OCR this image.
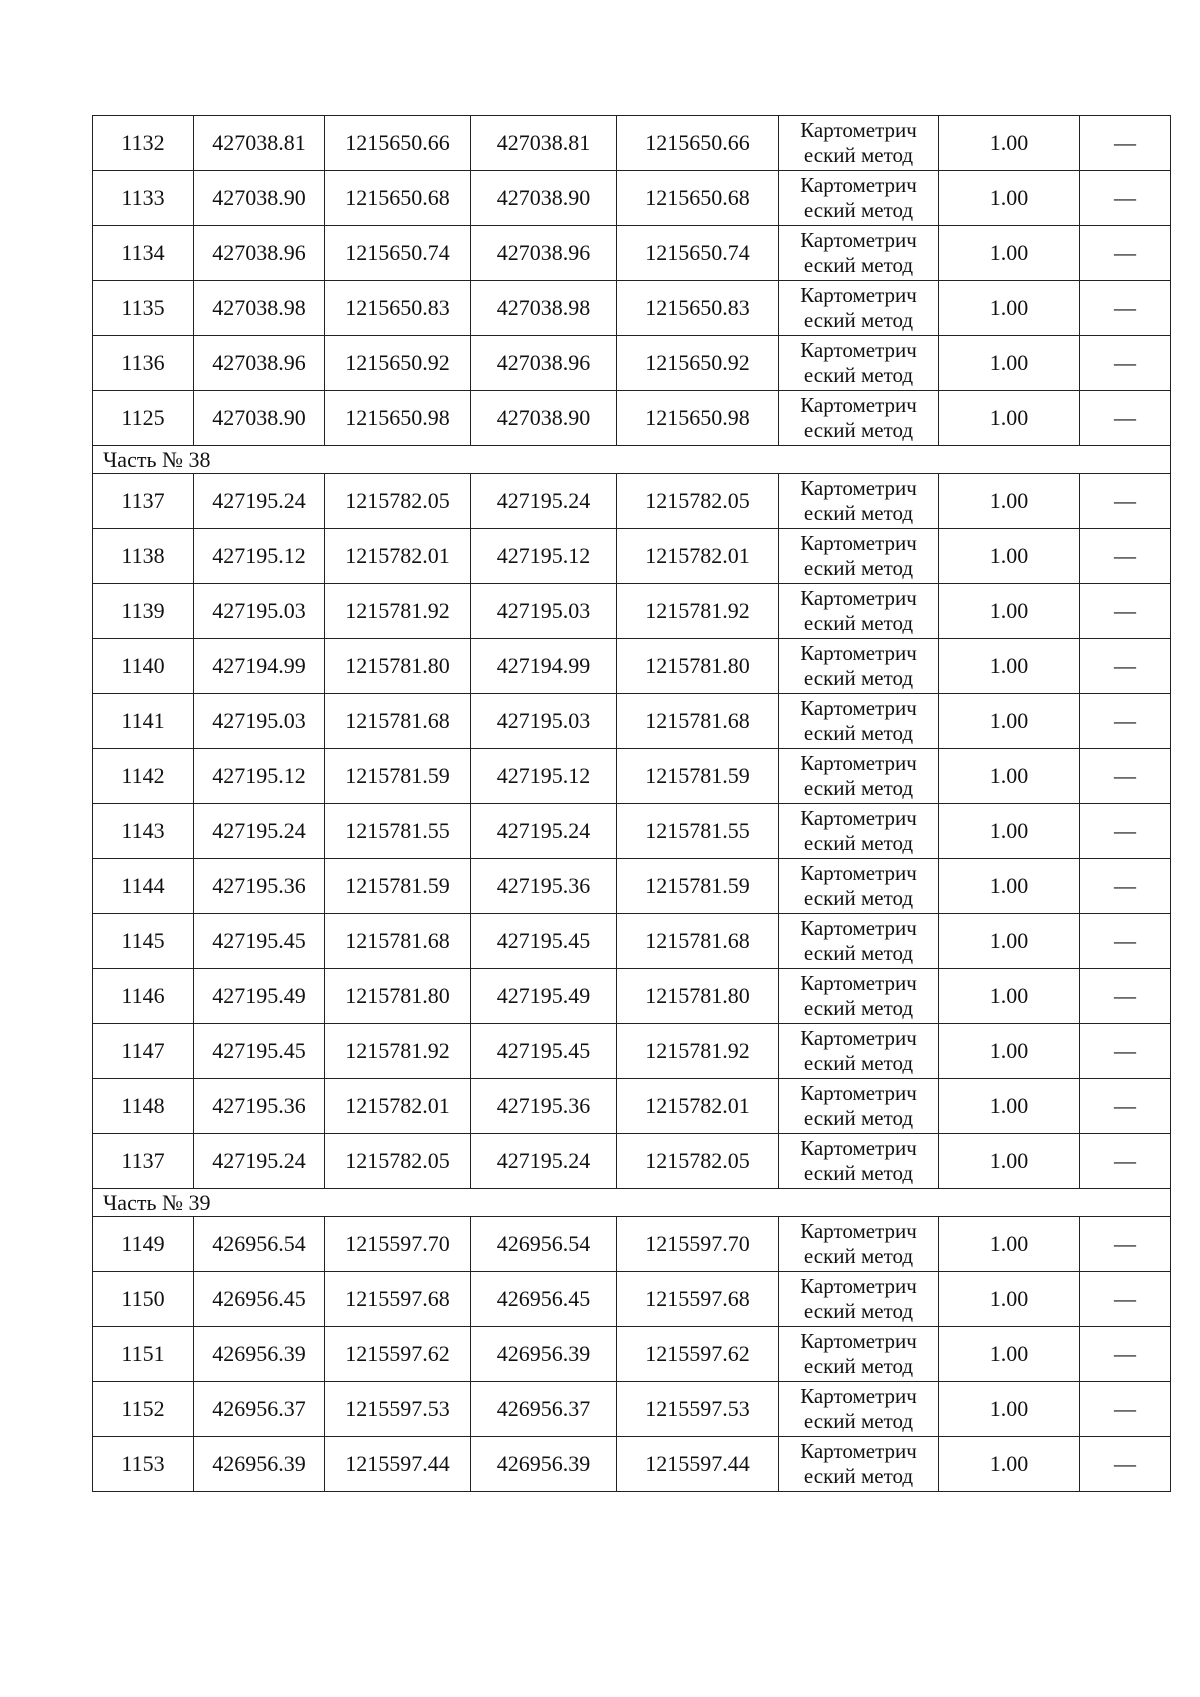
1132	427038.81	1215650.66	427038.81	1215650.66	Картометрич
еский метод	1.00	—
1133	427038.90	1215650.68	427038.90	1215650.68	Картометрич
еский метод	1.00	—
1134	427038.96	1215650.74	427038.96	1215650.74	Картометрич
еский метод	1.00	—
1135	427038.98	1215650.83	427038.98	1215650.83	Картометрич
еский метод	1.00	—
1136	427038.96	1215650.92	427038.96	1215650.92	Картометрич
еский метод	1.00	—
1125	427038.90	1215650.98	427038.90	1215650.98	Картометрич
еский метод	1.00	—
Часть № 38							
1137	427195.24	1215782.05	427195.24	1215782.05	Картометрич
еский метод	1.00	—
1138	427195.12	1215782.01	427195.12	1215782.01	Картометрич
еский метод	1.00	—
1139	427195.03	1215781.92	427195.03	1215781.92	Картометрич
еский метод	1.00	—
1140	427194.99	1215781.80	427194.99	1215781.80	Картометрич
еский метод	1.00	—
1141	427195.03	1215781.68	427195.03	1215781.68	Картометрич
еский метод	1.00	—
1142	427195.12	1215781.59	427195.12	1215781.59	Картометрич
еский метод	1.00	—
1143	427195.24	1215781.55	427195.24	1215781.55	Картометрич
еский метод	1.00	—
1144	427195.36	1215781.59	427195.36	1215781.59	Картометрич
еский метод	1.00	—
1145	427195.45	1215781.68	427195.45	1215781.68	Картометрич
еский метод	1.00	—
1146	427195.49	1215781.80	427195.49	1215781.80	Картометрич
еский метод	1.00	—
1147	427195.45	1215781.92	427195.45	1215781.92	Картометрич
еский метод	1.00	—
1148	427195.36	1215782.01	427195.36	1215782.01	Картометрич
еский метод	1.00	—
1137	427195.24	1215782.05	427195.24	1215782.05	Картометрич
еский метод	1.00	—
Часть № 39							
1149	426956.54	1215597.70	426956.54	1215597.70	Картометрич
еский метод	1.00	—
1150	426956.45	1215597.68	426956.45	1215597.68	Картометрич
еский метод	1.00	—
1151	426956.39	1215597.62	426956.39	1215597.62	Картометрич
еский метод	1.00	—
1152	426956.37	1215597.53	426956.37	1215597.53	Картометрич
еский метод	1.00	—
1153	426956.39	1215597.44	426956.39	1215597.44	Картометрич
еский метод	1.00	—
